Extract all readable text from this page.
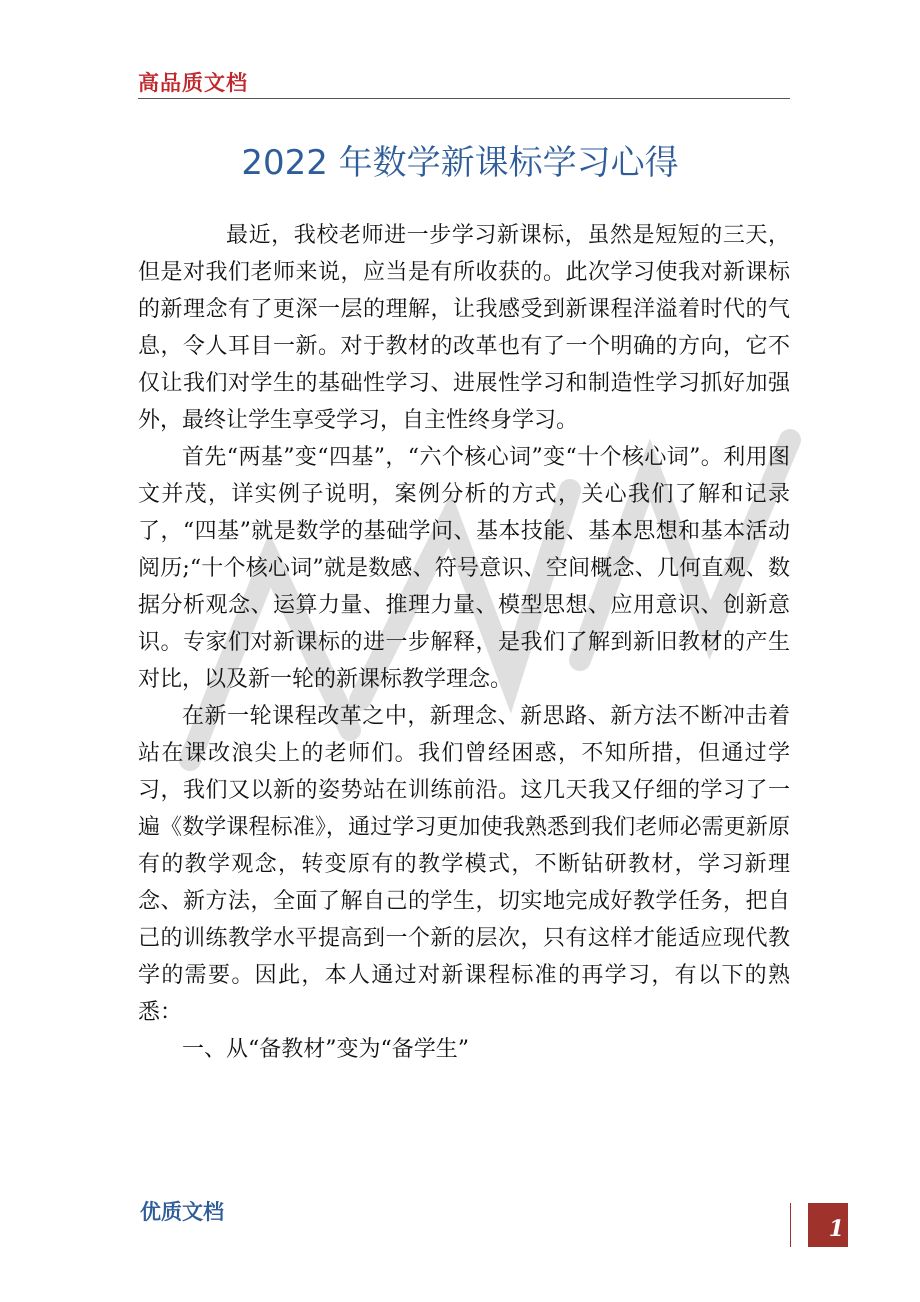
高品质文档
2022 年数学新课标学习心得

最近，我校老师进一步学习新课标，虽然是短短的三天，但是对我们老师来说，应当是有所收获的。此次学习使我对新课标的新理念有了更深一层的理解，让我感受到新课程洋溢着时代的气息，令人耳目一新。对于教材的改革也有了一个明确的方向，它不仅让我们对学生的基础性学习、进展性学习和制造性学习抓好加强外，最终让学生享受学习，自主性终身学习。

首先“两基”变“四基”，“六个核心词”变“十个核心词”。利用图文并茂，详实例子说明，案例分析的方式，关心我们了解和记录了，“四基”就是数学的基础学问、基本技能、基本思想和基本活动阅历;“十个核心词”就是数感、符号意识、空间概念、几何直观、数据分析观念、运算力量、推理力量、模型思想、应用意识、创新意识。专家们对新课标的进一步解释，是我们了解到新旧教材的产生对比，以及新一轮的新课标教学理念。

在新一轮课程改革之中，新理念、新思路、新方法不断冲击着站在课改浪尖上的老师们。我们曾经困惑，不知所措，但通过学习，我们又以新的姿势站在训练前沿。这几天我又仔细的学习了一遍《数学课程标准》，通过学习更加使我熟悉到我们老师必需更新原有的教学观念，转变原有的教学模式，不断钻研教材，学习新理念、新方法，全面了解自己的学生，切实地完成好教学任务，把自己的训练教学水平提高到一个新的层次，只有这样才能适应现代教学的需要。因此，本人通过对新课程标准的再学习，有以下的熟悉：

一、从“备教材”变为“备学生”

优质文档
1
